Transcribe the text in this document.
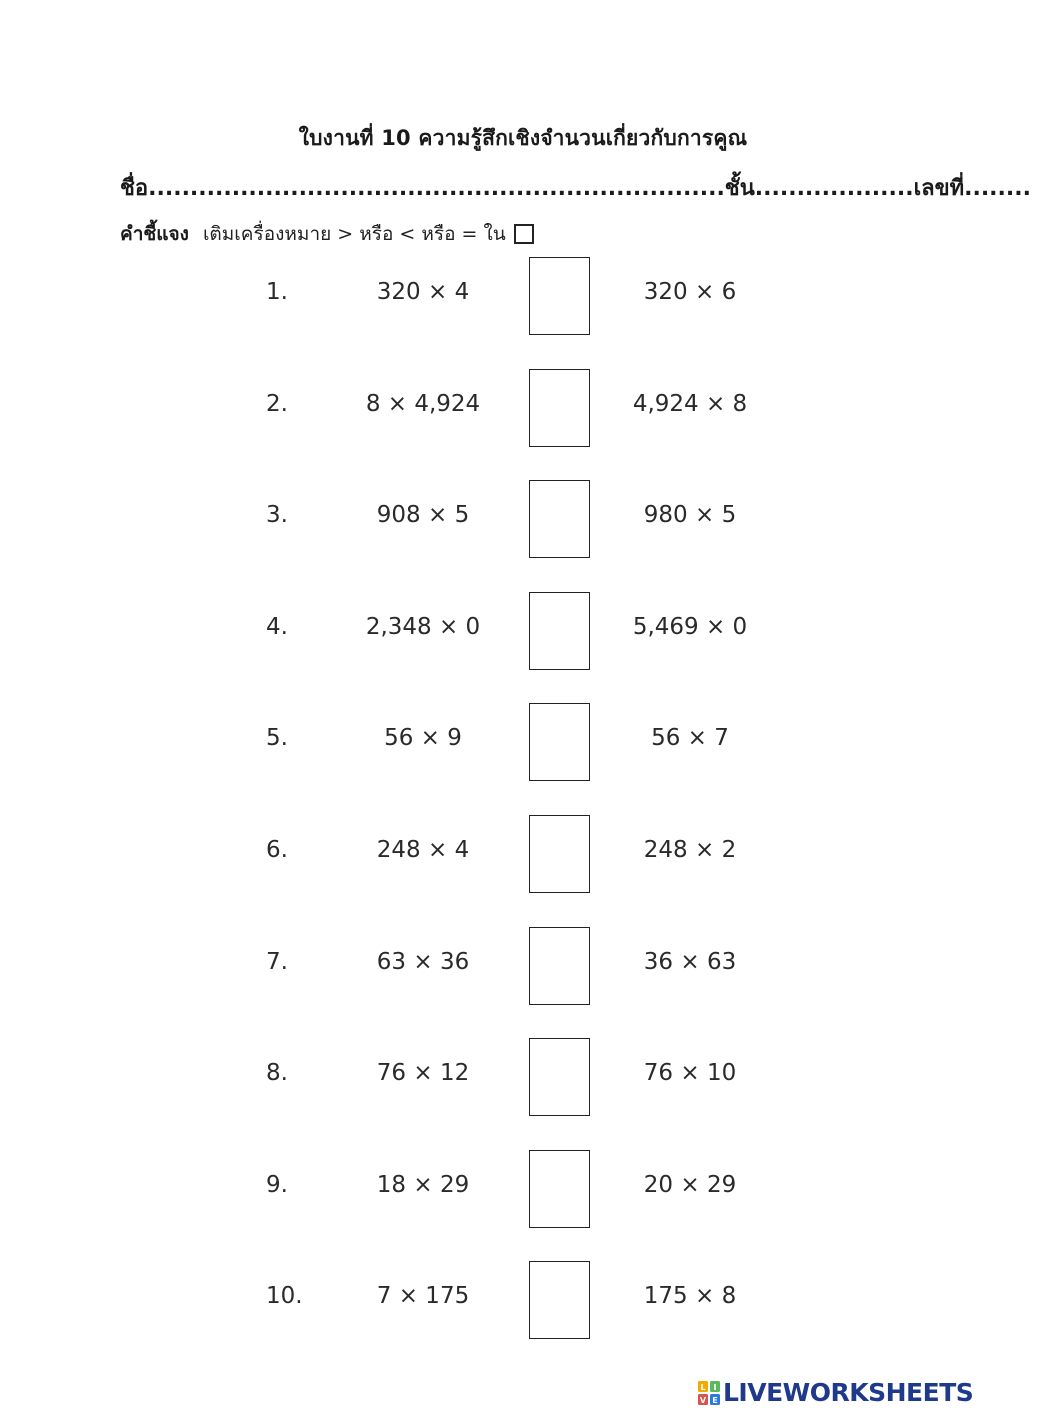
ใบงานที่ 10 ความรู้สึกเชิงจำนวนเกี่ยวกับการคูณ
ชื่อ.....................................................................ชั้น...................เลขที่........
คำชี้แจง เติมเครื่องหมาย > หรือ < หรือ = ใน
1.	320 × 4	320 × 6
2.	8 × 4,924	4,924 × 8
3.	908 × 5	980 × 5
4.	2,348 × 0	5,469 × 0
5.	56 × 9	56 × 7
6.	248 × 4	248 × 2
7.	63 × 36	36 × 63
8.	76 × 12	76 × 10
9.	18 × 29	20 × 29
10.	7 × 175	175 × 8
L I
V E LIVEWORKSHEETS
